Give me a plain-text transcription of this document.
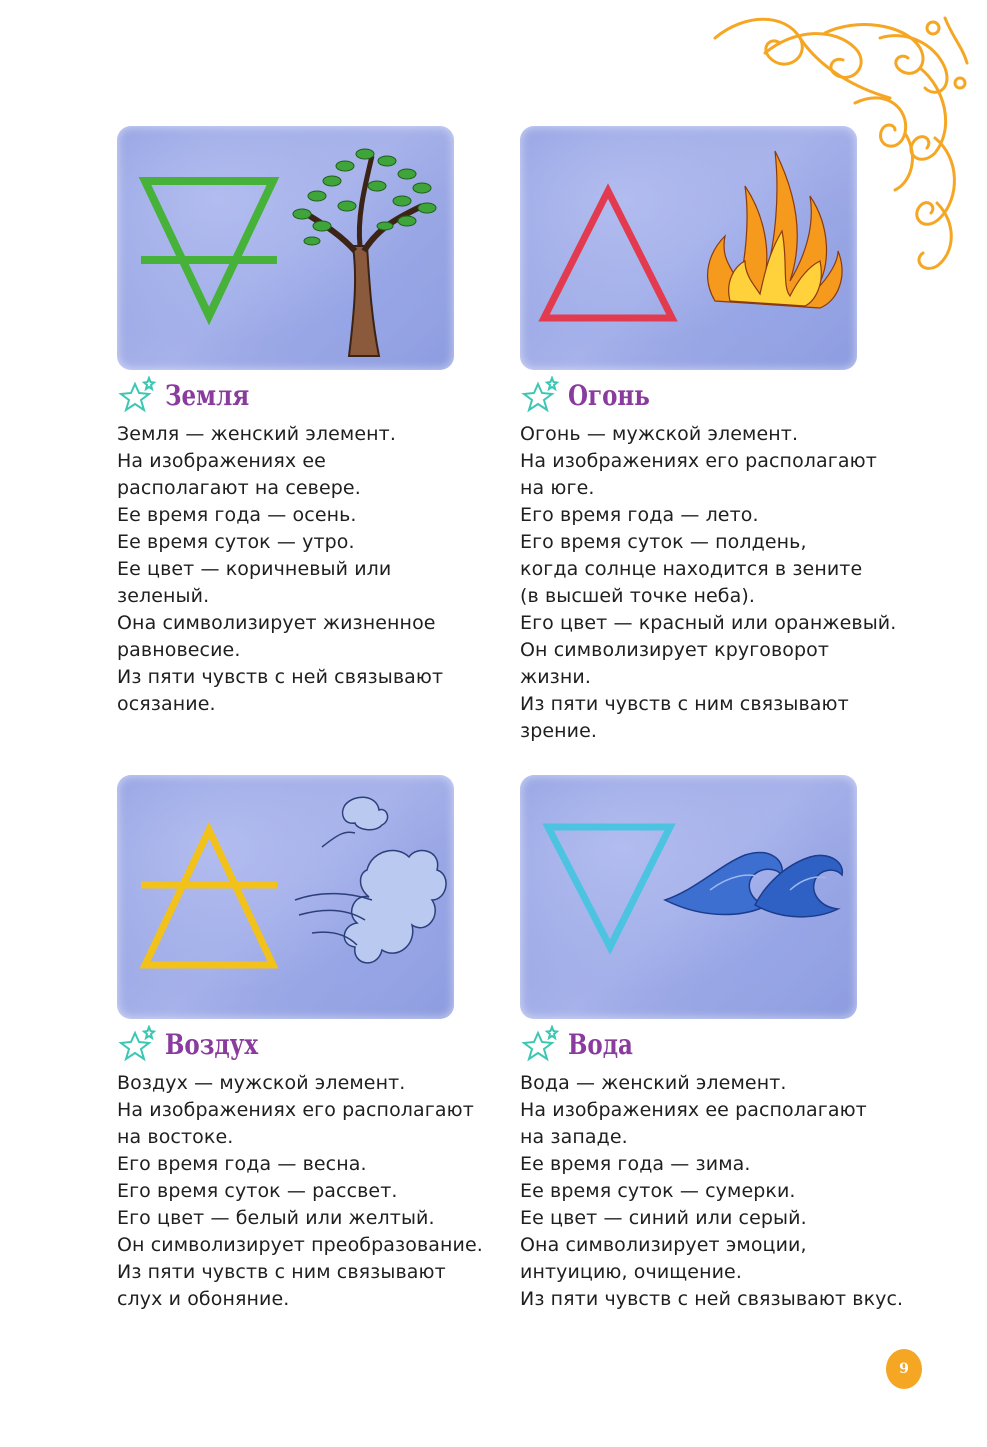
Земля
Земля — женский элемент.
На изображениях ее
располагают на севере.
Ее время года — осень.
Ее время суток — утро.
Ее цвет — коричневый или
зеленый.
Она символизирует жизненное
равновесие.
Из пяти чувств с ней связывают
осязание.
Огонь
Огонь — мужской элемент.
На изображениях его располагают
на юге.
Его время года — лето.
Его время суток — полдень,
когда солнце находится в зените
(в высшей точке неба).
Его цвет — красный или оранжевый.
Он символизирует круговорот
жизни.
Из пяти чувств с ним связывают
зрение.
Воздух
Воздух — мужской элемент.
На изображениях его располагают
на востоке.
Его время года — весна.
Его время суток — рассвет.
Его цвет — белый или желтый.
Он символизирует преобразование.
Из пяти чувств с ним связывают
слух и обоняние.
Вода
Вода — женский элемент.
На изображениях ее располагают
на западе.
Ее время года — зима.
Ее время суток — сумерки.
Ее цвет — синий или серый.
Она символизирует эмоции,
интуицию, очищение.
Из пяти чувств с ней связывают вкус.
9
